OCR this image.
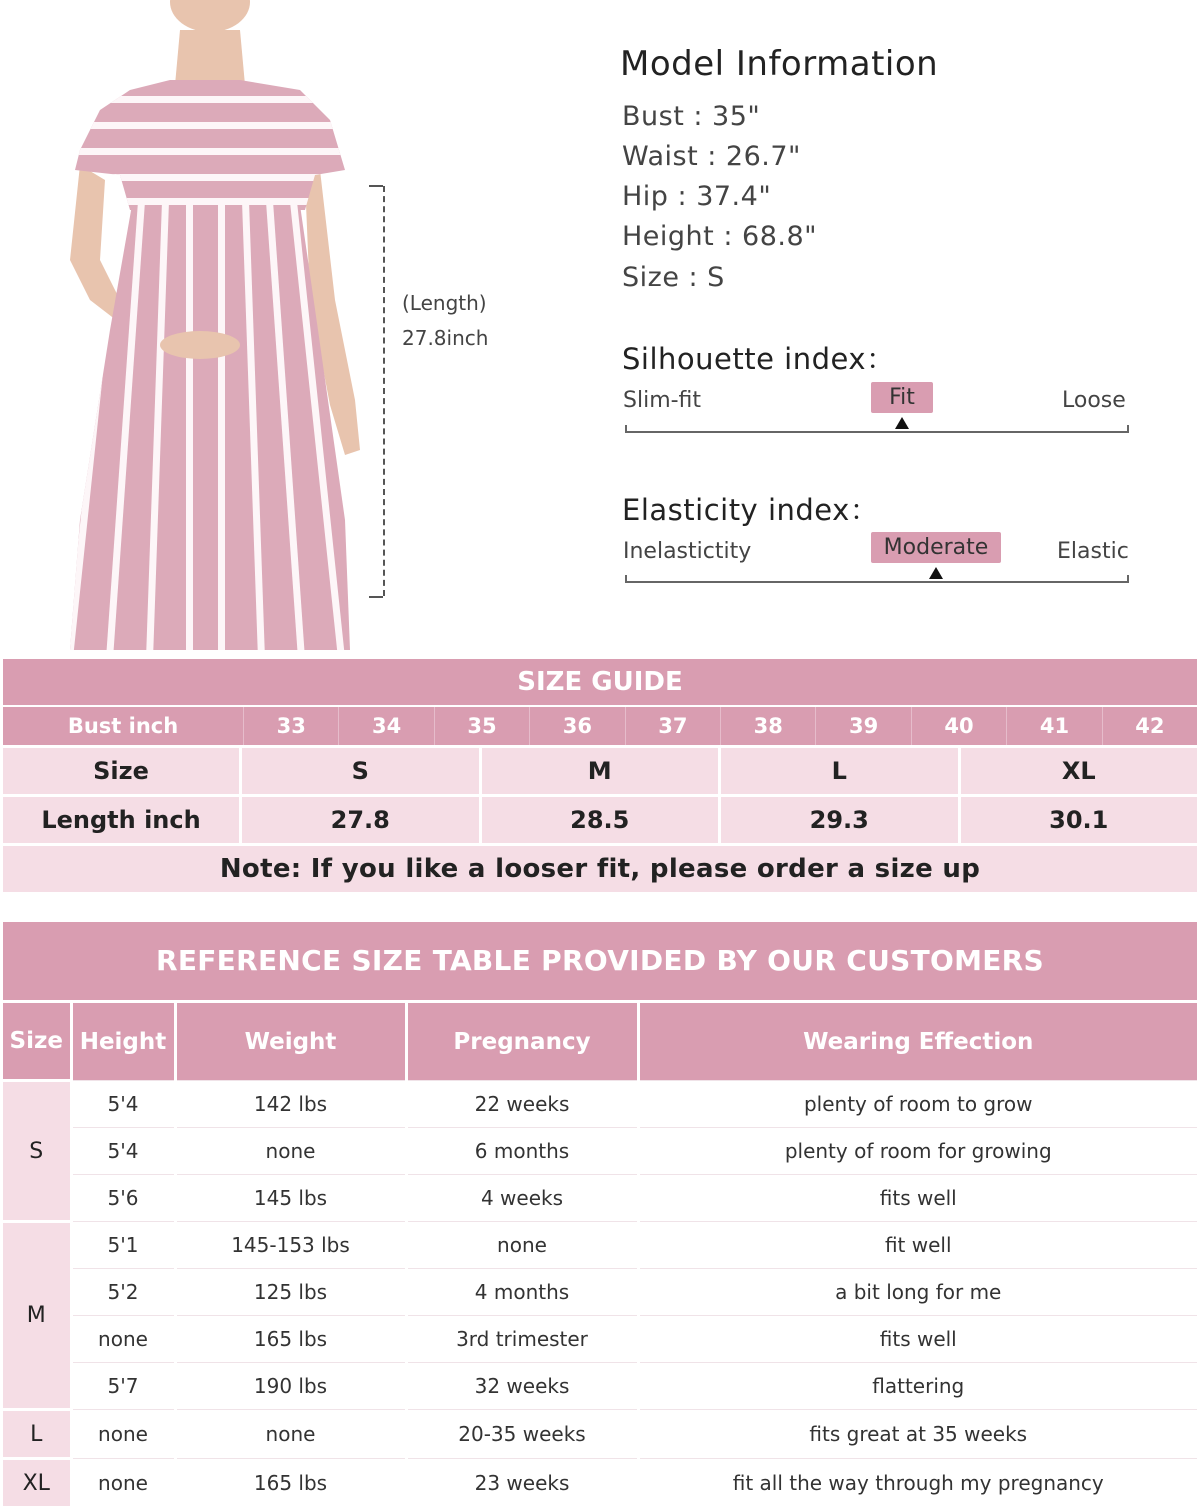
(Length)
27.8inch
Model Information
Bust : 35"
Waist : 26.7"
Hip : 37.4"
Height : 68.8"
Size : S
Silhouette index：
Slim-fit	Fit	Loose
Elasticity index：
Inelastictity	Moderate	Elastic
SIZE GUIDE
Bust inch	33	34	35	36	37	38	39	40	41	42
Size	S	M	L	XL
Length inch	27.8	28.5	29.3	30.1
Note: If you like a looser fit, please order a size up
REFERENCE SIZE TABLE PROVIDED BY OUR CUSTOMERS
Size	Height	Weight	Pregnancy	Wearing Effection
S	5'4	142 lbs	22 weeks	plenty of room to grow
	5'4	none	6 months	plenty of room for growing
	5'6	145 lbs	4 weeks	fits well
M	5'1	145-153 lbs	none	fit well
	5'2	125 lbs	4 months	a bit long for me
	none	165 lbs	3rd trimester	fits well
	5'7	190 lbs	32 weeks	flattering
L	none	none	20-35 weeks	fits great at 35 weeks
XL	none	165 lbs	23 weeks	fit all the way through my pregnancy
